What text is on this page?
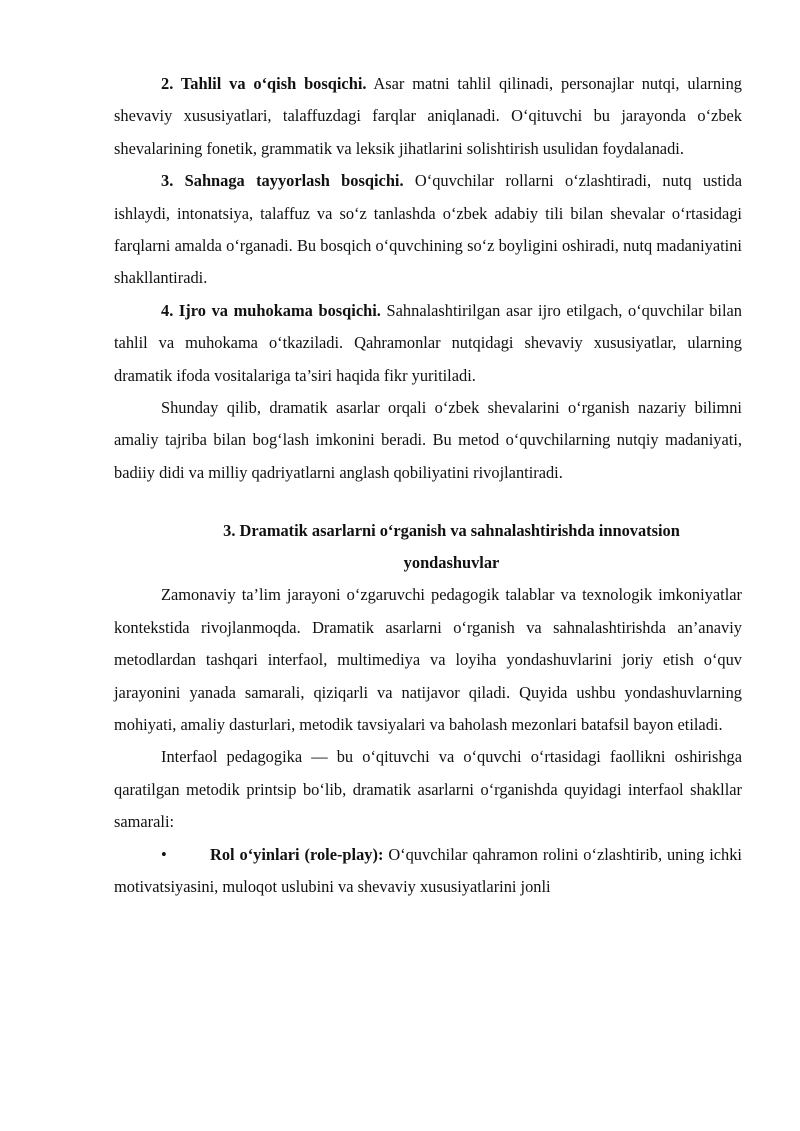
2. Tahlil va o‘qish bosqichi. Asar matni tahlil qilinadi, personajlar nutqi, ularning shevaviy xususiyatlari, talaffuzdagi farqlar aniqlanadi. O‘qituvchi bu jarayonda o‘zbek shevalarining fonetik, grammatik va leksik jihatlarini solishtirish usulidan foydalanadi.

3. Sahnaga tayyorlash bosqichi. O‘quvchilar rollarni o‘zlashtiradi, nutq ustida ishlaydi, intonatsiya, talaffuz va so‘z tanlashda o‘zbek adabiy tili bilan shevalar o‘rtasidagi farqlarni amalda o‘rganadi. Bu bosqich o‘quvchining so‘z boyligini oshiradi, nutq madaniyatini shakllantiradi.

4. Ijro va muhokama bosqichi. Sahnalashtirilgan asar ijro etilgach, o‘quvchilar bilan tahlil va muhokama o‘tkaziladi. Qahramonlar nutqidagi shevaviy xususiyatlar, ularning dramatik ifoda vositalariga ta’siri haqida fikr yuritiladi.

Shunday qilib, dramatik asarlar orqali o‘zbek shevalarini o‘rganish nazariy bilimni amaliy tajriba bilan bog‘lash imkonini beradi. Bu metod o‘quvchilarning nutqiy madaniyati, badiiy didi va milliy qadriyatlarni anglash qobiliyatini rivojlantiradi.

3. Dramatik asarlarni o‘rganish va sahnalashtirishda innovatsion
yondashuvlar

Zamonaviy ta’lim jarayoni o‘zgaruvchi pedagogik talablar va texnologik imkoniyatlar kontekstida rivojlanmoqda. Dramatik asarlarni o‘rganish va sahnalashtirishda an’anaviy metodlardan tashqari interfaol, multimediya va loyiha yondashuvlarini joriy etish o‘quv jarayonini yanada samarali, qiziqarli va natijavor qiladi. Quyida ushbu yondashuvlarning mohiyati, amaliy dasturlari, metodik tavsiyalari va baholash mezonlari batafsil bayon etiladi.

Interfaol pedagogika — bu o‘qituvchi va o‘quvchi o‘rtasidagi faollikni oshirishga qaratilgan metodik printsip bo‘lib, dramatik asarlarni o‘rganishda quyidagi interfaol shakllar samarali:

•	Rol o‘yinlari (role-play): O‘quvchilar qahramon rolini o‘zlashtirib, uning ichki motivatsiyasini, muloqot uslubini va shevaviy xususiyatlarini jonli
